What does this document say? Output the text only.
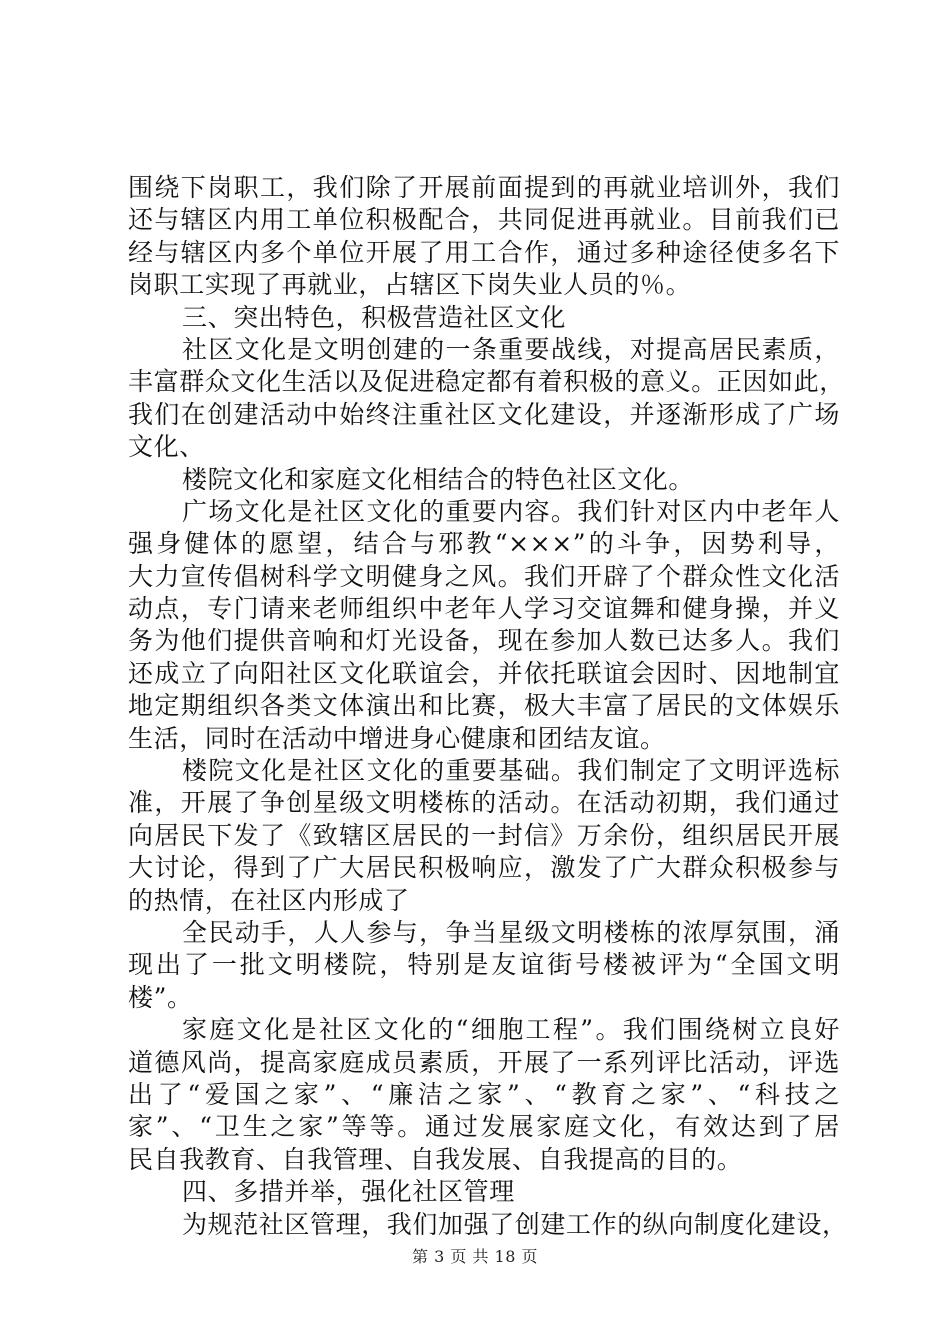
围绕下岗职工，我们除了开展前面提到的再就业培训外，我们
还与辖区内用工单位积极配合，共同促进再就业。目前我们已
经与辖区内多个单位开展了用工合作，通过多种途径使多名下
岗职工实现了再就业，占辖区下岗失业人员的％。
三、突出特色，积极营造社区文化
社区文化是文明创建的一条重要战线，对提高居民素质，
丰富群众文化生活以及促进稳定都有着积极的意义。正因如此，
我们在创建活动中始终注重社区文化建设，并逐渐形成了广场
文化、
楼院文化和家庭文化相结合的特色社区文化。
广场文化是社区文化的重要内容。我们针对区内中老年人
强身健体的愿望，结合与邪教“×××”的斗争，因势利导，
大力宣传倡树科学文明健身之风。我们开辟了个群众性文化活
动点，专门请来老师组织中老年人学习交谊舞和健身操，并义
务为他们提供音响和灯光设备，现在参加人数已达多人。我们
还成立了向阳社区文化联谊会，并依托联谊会因时、因地制宜
地定期组织各类文体演出和比赛，极大丰富了居民的文体娱乐
生活，同时在活动中增进身心健康和团结友谊。
楼院文化是社区文化的重要基础。我们制定了文明评选标
准，开展了争创星级文明楼栋的活动。在活动初期，我们通过
向居民下发了《致辖区居民的一封信》万余份，组织居民开展
大讨论，得到了广大居民积极响应，激发了广大群众积极参与
的热情，在社区内形成了
全民动手，人人参与，争当星级文明楼栋的浓厚氛围，涌
现出了一批文明楼院，特别是友谊街号楼被评为“全国文明
楼”。
家庭文化是社区文化的“细胞工程”。我们围绕树立良好
道德风尚，提高家庭成员素质，开展了一系列评比活动，评选
出了“爱国之家”、“廉洁之家”、“教育之家”、“科技之
家”、“卫生之家”等等。通过发展家庭文化，有效达到了居
民自我教育、自我管理、自我发展、自我提高的目的。
四、多措并举，强化社区管理
为规范社区管理，我们加强了创建工作的纵向制度化建设，
第 3 页 共 18 页
